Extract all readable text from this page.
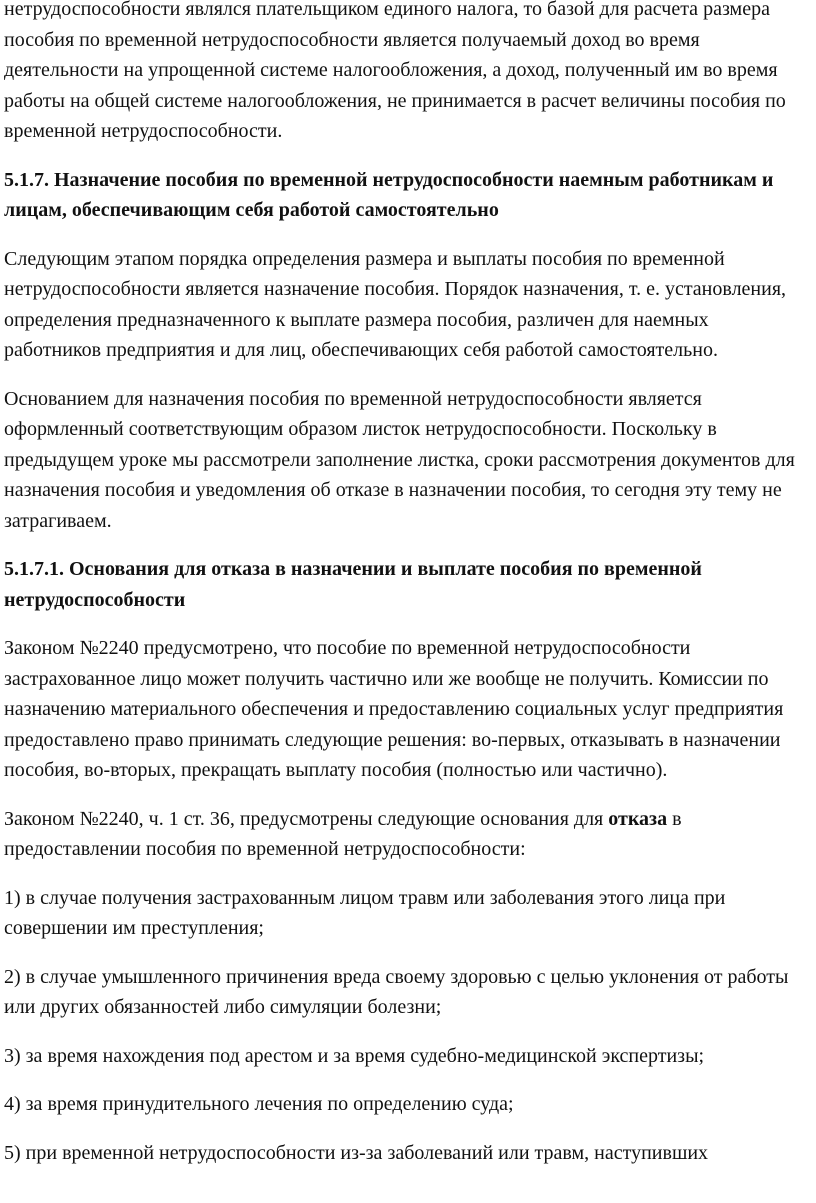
нетрудоспособности являлся плательщиком единого налога, то базой для расчета размера пособия по временной нетрудоспособности является получаемый доход во время деятельности на упрощенной системе налогообложения, а доход, полученный им во время работы на общей системе налогообложения, не принимается в расчет величины пособия по временной нетрудоспособности.

5.1.7. Назначение пособия по временной нетрудоспособности наемным работникам и лицам, обеспечивающим себя работой самостоятельно

Следующим этапом порядка определения размера и выплаты пособия по временной нетрудоспособности является назначение пособия. Порядок назначения, т. е. установления, определения предназначенного к выплате размера пособия, различен для наемных работников предприятия и для лиц, обеспечивающих себя работой самостоятельно.

Основанием для назначения пособия по временной нетрудоспособности является оформленный соответствующим образом листок нетрудоспособности. Поскольку в предыдущем уроке мы рассмотрели заполнение листка, сроки рассмотрения документов для назначения пособия и уведомления об отказе в назначении пособия, то сегодня эту тему не затрагиваем.

5.1.7.1. Основания для отказа в назначении и выплате пособия по временной нетрудоспособности

Законом №2240 предусмотрено, что пособие по временной нетрудоспособности застрахованное лицо может получить частично или же вообще не получить. Комиссии по назначению материального обеспечения и предоставлению социальных услуг предприятия предоставлено право принимать следующие решения: во-первых, отказывать в назначении пособия, во-вторых, прекращать выплату пособия (полностью или частично).

Законом №2240, ч. 1 ст. 36, предусмотрены следующие основания для отказа в предоставлении пособия по временной нетрудоспособности:

1) в случае получения застрахованным лицом травм или заболевания этого лица при совершении им преступления;

2) в случае умышленного причинения вреда своему здоровью с целью уклонения от работы или других обязанностей либо симуляции болезни;

3) за время нахождения под арестом и за время судебно-медицинской экспертизы;

4) за время принудительного лечения по определению суда;

5) при временной нетрудоспособности из-за заболеваний или травм, наступивших
